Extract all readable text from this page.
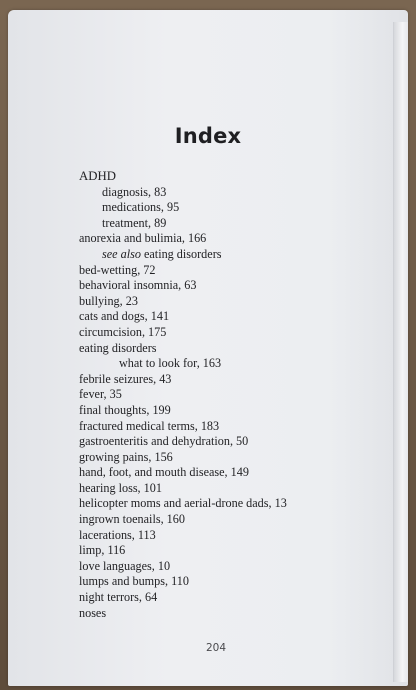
Index
ADHD
diagnosis, 83
medications, 95
treatment, 89
anorexia and bulimia, 166
see also eating disorders
bed-wetting, 72
behavioral insomnia, 63
bullying, 23
cats and dogs, 141
circumcision, 175
eating disorders
what to look for, 163
febrile seizures, 43
fever, 35
final thoughts, 199
fractured medical terms, 183
gastroenteritis and dehydration, 50
growing pains, 156
hand, foot, and mouth disease, 149
hearing loss, 101
helicopter moms and aerial-drone dads, 13
ingrown toenails, 160
lacerations, 113
limp, 116
love languages, 10
lumps and bumps, 110
night terrors, 64
noses
204
